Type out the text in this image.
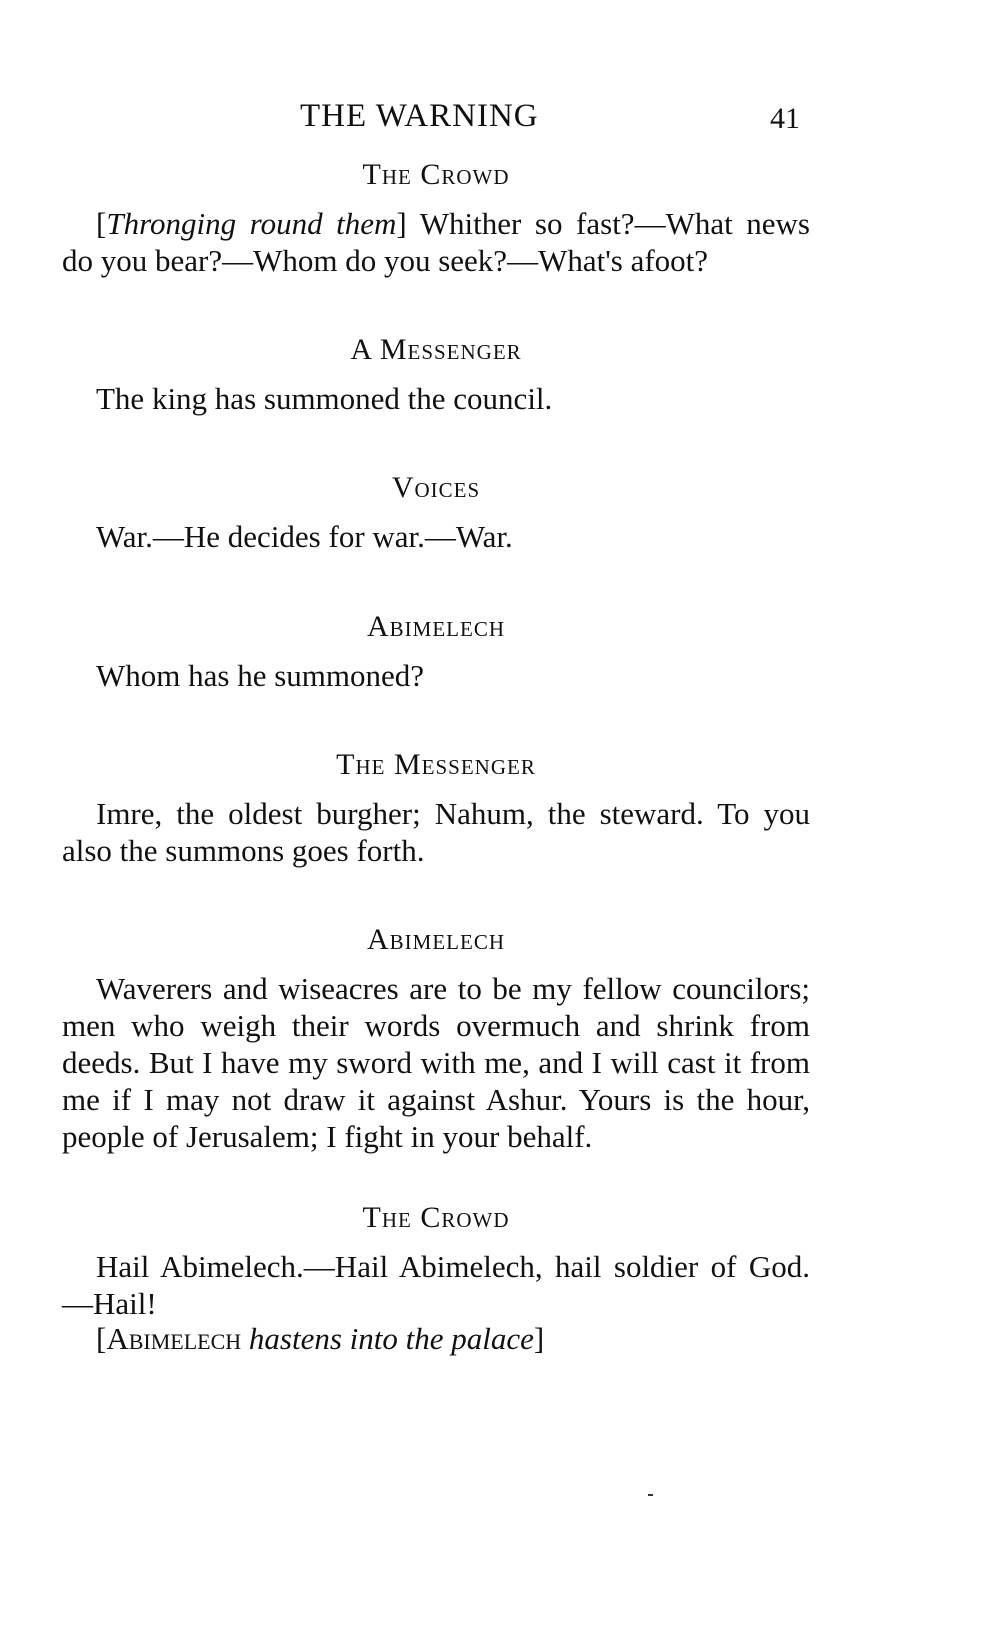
THE WARNING	41

The Crowd

[Thronging round them] Whither so fast?—What news do you bear?—Whom do you seek?—What's afoot?

A Messenger

The king has summoned the council.

Voices

War.—He decides for war.—War.

Abimelech

Whom has he summoned?

The Messenger

Imre, the oldest burgher; Nahum, the steward. To you also the summons goes forth.

Abimelech

Waverers and wiseacres are to be my fellow councilors; men who weigh their words overmuch and shrink from deeds. But I have my sword with me, and I will cast it from me if I may not draw it against Ashur. Yours is the hour, people of Jerusalem; I fight in your behalf.

The Crowd

Hail Abimelech.—Hail Abimelech, hail soldier of God.—Hail!

[Abimelech hastens into the palace]
